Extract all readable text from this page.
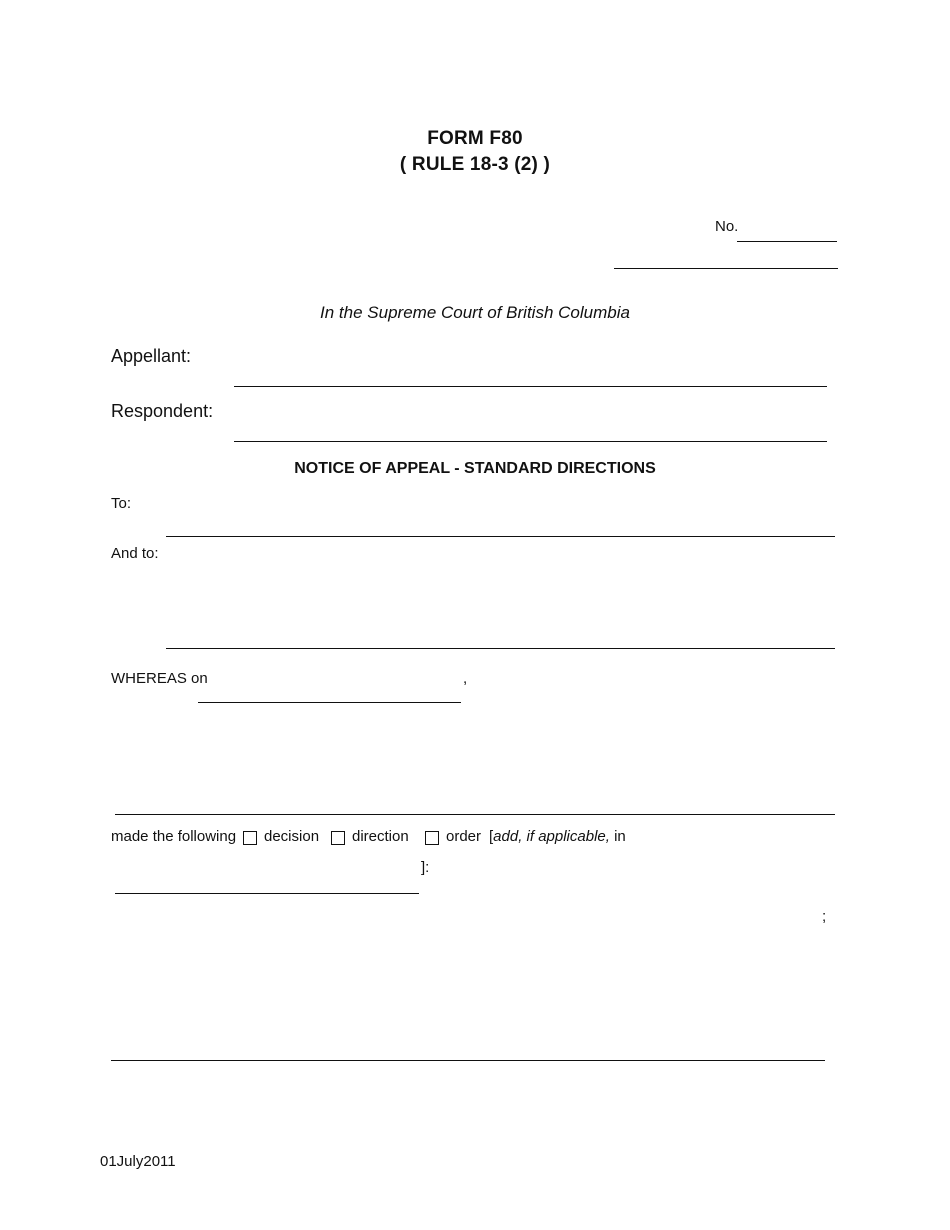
FORM F80
( RULE 18-3 (2) )
No.
In the Supreme Court of British Columbia
Appellant:
Respondent:
NOTICE OF APPEAL - STANDARD DIRECTIONS
To:
And to:
WHEREAS on	,
made the following decision direction order [add, if applicable, in
]:
;
01July2011
